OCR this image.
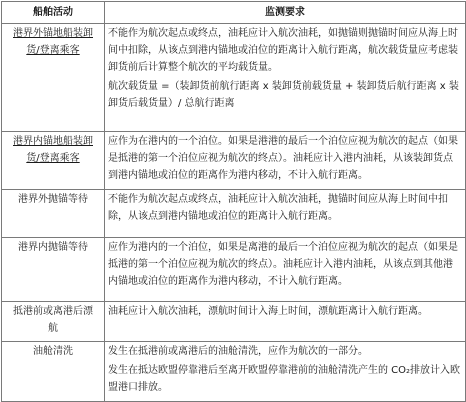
船舶活动	监测要求

港界外锚地船装卸
货/登离乘客	不能作为航次起点或终点，油耗应计入航次油耗，如抛锚则抛锚时间应从海上时间中扣除，从该点到港内锚地或泊位的距离计入航行距离，航次载货量应考虑装卸货前后计算整个航次的平均载货量。
航次载货量 =（装卸货前航行距离 x 装卸货前载货量 + 装卸货后航行距离 x 装卸货后载货量）/ 总航行距离

港界内锚地船装卸
货/登离乘客	应作为在港内的一个泊位。如果是港港的最后一个泊位应视为航次的起点（如果是抵港的第一个泊位应视为航次的终点）。油耗应计入港内油耗，从该装卸货点到港内锚地或泊位的距离作为港内移动，不计入航行距离。

港界外抛锚等待	不能作为航次起点或终点，油耗应计入航次油耗，抛锚时间应从海上时间中扣除，从该点到港内锚地或泊位的距离计入航行距离。

港界内抛锚等待	应作为港内的一个泊位，如果是离港的最后一个泊位应视为航次的起点（如果是抵港的第一个泊位应视为航次的终点）。油耗应计入港内油耗，从该点到其他港内锚地或泊位的距离作为港内移动，不计入航行距离。

抵港前或离港后漂
航	油耗应计入航次油耗，漂航时间计入海上时间，漂航距离计入航行距离。

油舱清洗	发生在抵港前或离港后的油舱清洗，应作为航次的一部分。
发生在抵达欧盟停靠港后至离开欧盟停靠港前的油舱清洗产生的 CO₂排放计入欧盟港口排放。
